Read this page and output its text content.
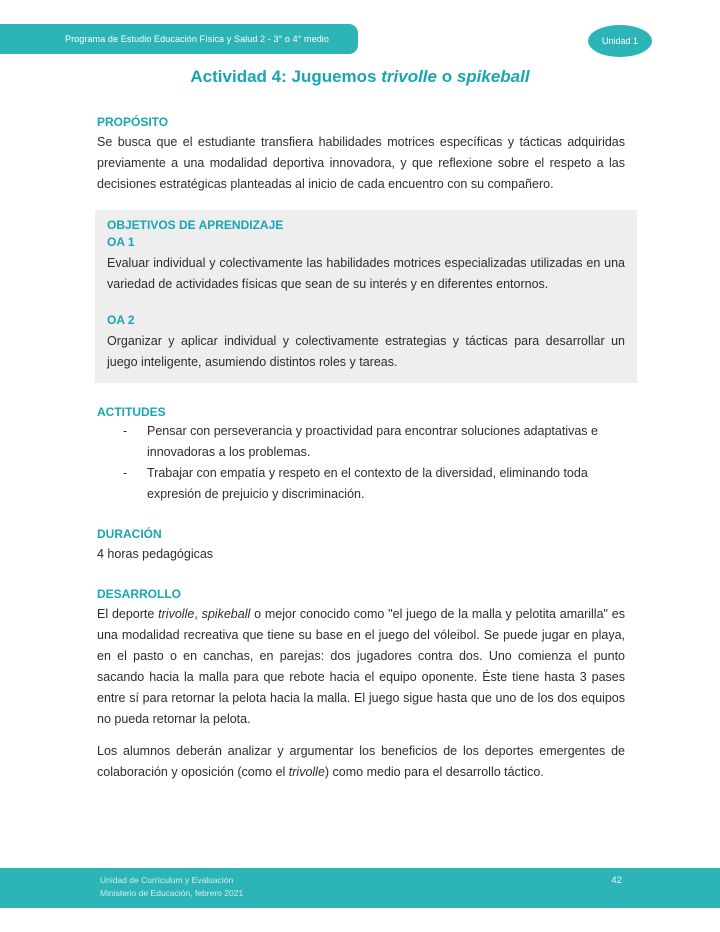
Programa de Estudio Educación Física y Salud 2 - 3° o 4° medio	Unidad 1
Actividad 4: Juguemos trivolle o spikeball
PROPÓSITO

Se busca que el estudiante transfiera habilidades motrices específicas y tácticas adquiridas previamente a una modalidad deportiva innovadora, y que reflexione sobre el respeto a las decisiones estratégicas planteadas al inicio de cada encuentro con su compañero.

OBJETIVOS DE APRENDIZAJE

OA 1

Evaluar individual y colectivamente las habilidades motrices especializadas utilizadas en una variedad de actividades físicas que sean de su interés y en diferentes entornos.

OA 2

Organizar y aplicar individual y colectivamente estrategias y tácticas para desarrollar un juego inteligente, asumiendo distintos roles y tareas.

ACTITUDES
- Pensar con perseverancia y proactividad para encontrar soluciones adaptativas e innovadoras a los problemas.
- Trabajar con empatía y respeto en el contexto de la diversidad, eliminando toda expresión de prejuicio y discriminación.
DURACIÓN

4 horas pedagógicas

DESARROLLO

El deporte trivolle, spikeball o mejor conocido como "el juego de la malla y pelotita amarilla" es una modalidad recreativa que tiene su base en el juego del vóleibol. Se puede jugar en playa, en el pasto o en canchas, en parejas: dos jugadores contra dos. Uno comienza el punto sacando hacia la malla para que rebote hacia el equipo oponente. Éste tiene hasta 3 pases entre sí para retornar la pelota hacia la malla. El juego sigue hasta que uno de los dos equipos no pueda retornar la pelota.

Los alumnos deberán analizar y argumentar los beneficios de los deportes emergentes de colaboración y oposición (como el trivolle) como medio para el desarrollo táctico.

Unidad de Currículum y Evaluación
Ministerio de Educación, febrero 2021
42
